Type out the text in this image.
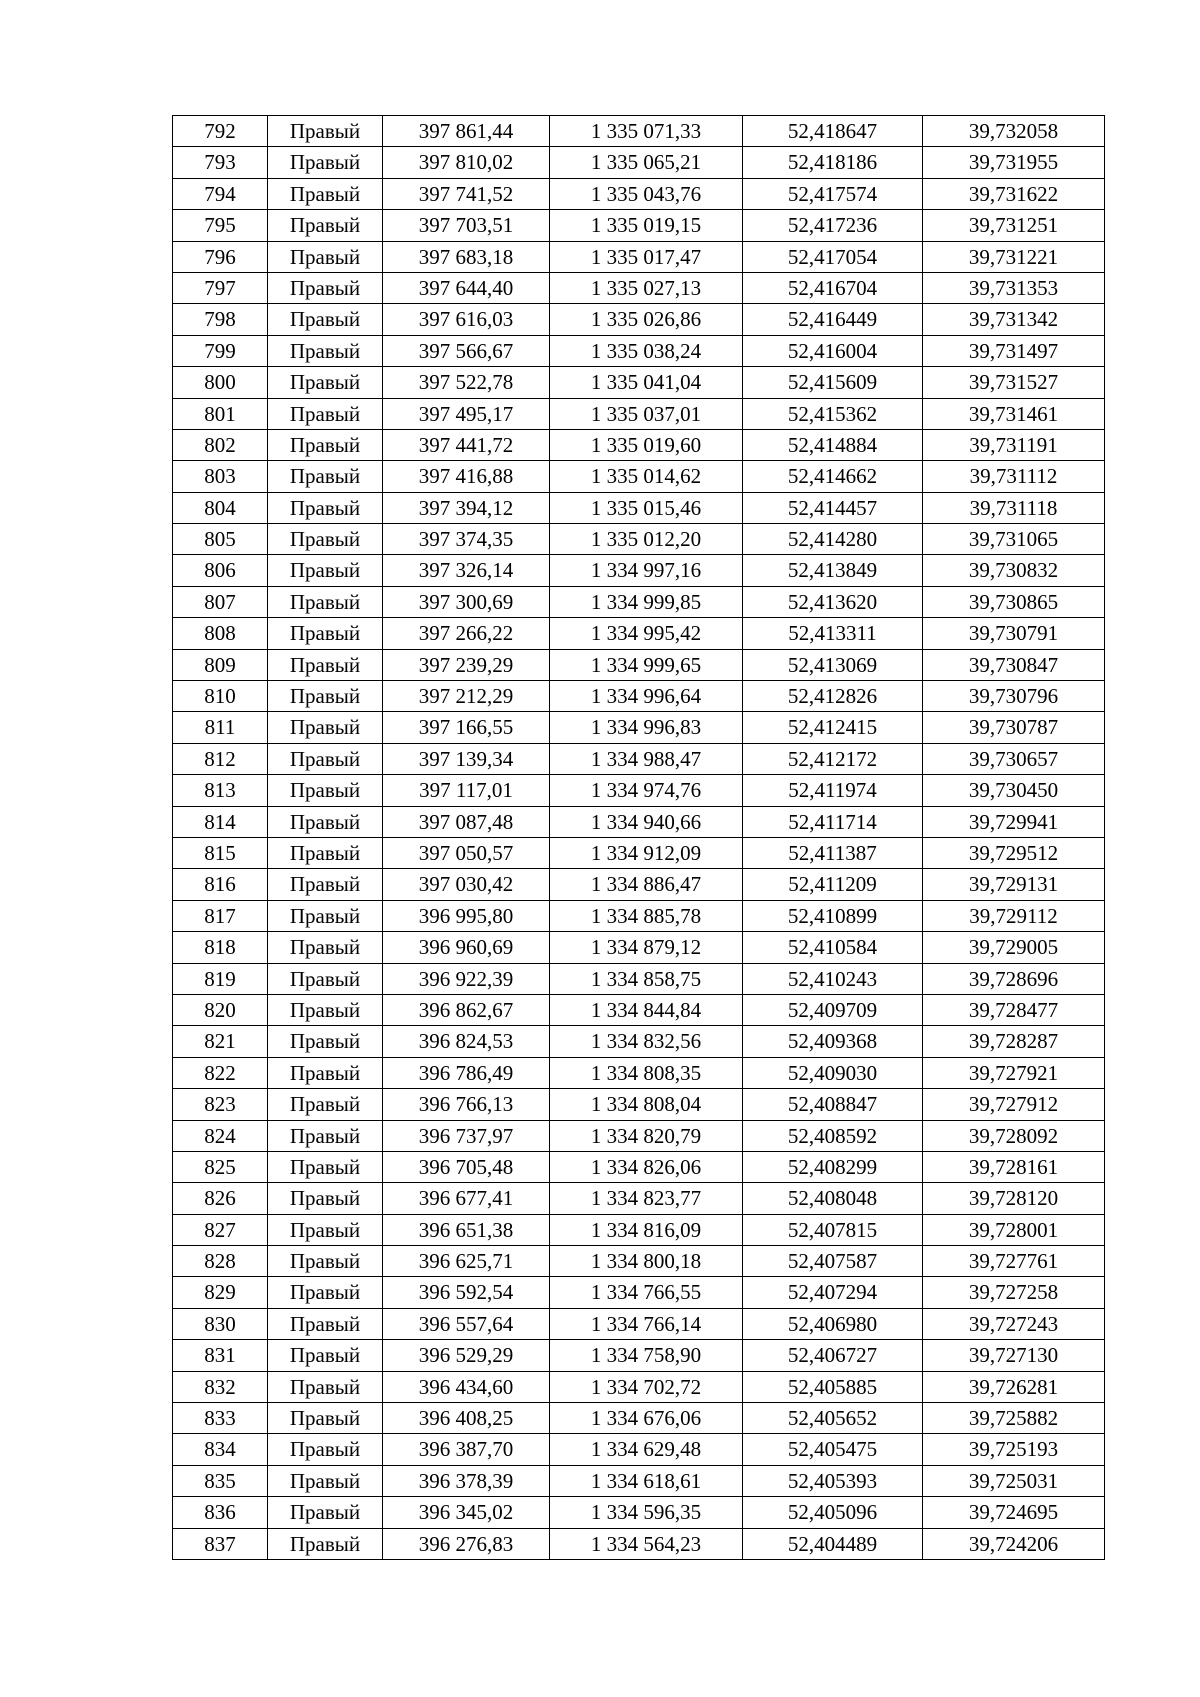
792	Правый	397 861,44	1 335 071,33	52,418647	39,732058
793	Правый	397 810,02	1 335 065,21	52,418186	39,731955
794	Правый	397 741,52	1 335 043,76	52,417574	39,731622
795	Правый	397 703,51	1 335 019,15	52,417236	39,731251
796	Правый	397 683,18	1 335 017,47	52,417054	39,731221
797	Правый	397 644,40	1 335 027,13	52,416704	39,731353
798	Правый	397 616,03	1 335 026,86	52,416449	39,731342
799	Правый	397 566,67	1 335 038,24	52,416004	39,731497
800	Правый	397 522,78	1 335 041,04	52,415609	39,731527
801	Правый	397 495,17	1 335 037,01	52,415362	39,731461
802	Правый	397 441,72	1 335 019,60	52,414884	39,731191
803	Правый	397 416,88	1 335 014,62	52,414662	39,731112
804	Правый	397 394,12	1 335 015,46	52,414457	39,731118
805	Правый	397 374,35	1 335 012,20	52,414280	39,731065
806	Правый	397 326,14	1 334 997,16	52,413849	39,730832
807	Правый	397 300,69	1 334 999,85	52,413620	39,730865
808	Правый	397 266,22	1 334 995,42	52,413311	39,730791
809	Правый	397 239,29	1 334 999,65	52,413069	39,730847
810	Правый	397 212,29	1 334 996,64	52,412826	39,730796
811	Правый	397 166,55	1 334 996,83	52,412415	39,730787
812	Правый	397 139,34	1 334 988,47	52,412172	39,730657
813	Правый	397 117,01	1 334 974,76	52,411974	39,730450
814	Правый	397 087,48	1 334 940,66	52,411714	39,729941
815	Правый	397 050,57	1 334 912,09	52,411387	39,729512
816	Правый	397 030,42	1 334 886,47	52,411209	39,729131
817	Правый	396 995,80	1 334 885,78	52,410899	39,729112
818	Правый	396 960,69	1 334 879,12	52,410584	39,729005
819	Правый	396 922,39	1 334 858,75	52,410243	39,728696
820	Правый	396 862,67	1 334 844,84	52,409709	39,728477
821	Правый	396 824,53	1 334 832,56	52,409368	39,728287
822	Правый	396 786,49	1 334 808,35	52,409030	39,727921
823	Правый	396 766,13	1 334 808,04	52,408847	39,727912
824	Правый	396 737,97	1 334 820,79	52,408592	39,728092
825	Правый	396 705,48	1 334 826,06	52,408299	39,728161
826	Правый	396 677,41	1 334 823,77	52,408048	39,728120
827	Правый	396 651,38	1 334 816,09	52,407815	39,728001
828	Правый	396 625,71	1 334 800,18	52,407587	39,727761
829	Правый	396 592,54	1 334 766,55	52,407294	39,727258
830	Правый	396 557,64	1 334 766,14	52,406980	39,727243
831	Правый	396 529,29	1 334 758,90	52,406727	39,727130
832	Правый	396 434,60	1 334 702,72	52,405885	39,726281
833	Правый	396 408,25	1 334 676,06	52,405652	39,725882
834	Правый	396 387,70	1 334 629,48	52,405475	39,725193
835	Правый	396 378,39	1 334 618,61	52,405393	39,725031
836	Правый	396 345,02	1 334 596,35	52,405096	39,724695
837	Правый	396 276,83	1 334 564,23	52,404489	39,724206
